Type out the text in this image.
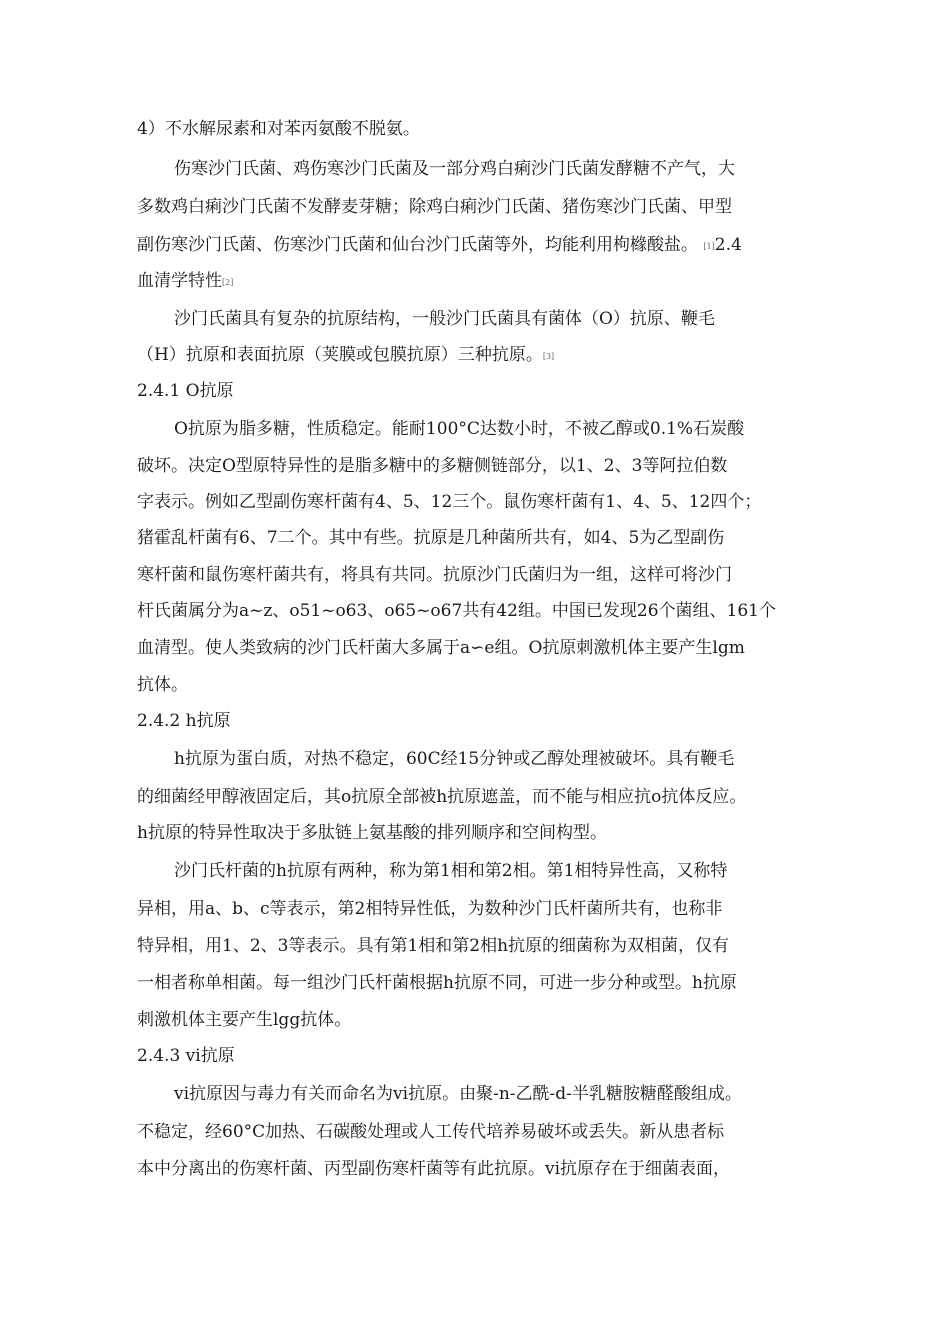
4）不水解尿素和对苯丙氨酸不脱氨。
伤寒沙门氏菌、鸡伤寒沙门氏菌及一部分鸡白痢沙门氏菌发酵糖不产气，大
多数鸡白痢沙门氏菌不发酵麦芽糖；除鸡白痢沙门氏菌、猪伤寒沙门氏菌、甲型
副伤寒沙门氏菌、伤寒沙门氏菌和仙台沙门氏菌等外，均能利用枸橼酸盐。 [1]2.4
血清学特性[2]
沙门氏菌具有复杂的抗原结构，一般沙门氏菌具有菌体（O）抗原、鞭毛
（H）抗原和表面抗原（荚膜或包膜抗原）三种抗原。[3]
2.4.1 O抗原
O抗原为脂多糖，性质稳定。能耐100°C达数小时，不被乙醇或0.1%石炭酸
破坏。决定O型原特异性的是脂多糖中的多糖侧链部分，以1、2、3等阿拉伯数
字表示。例如乙型副伤寒杆菌有4、5、12三个。鼠伤寒杆菌有1、4、5、12四个；
猪霍乱杆菌有6、7二个。其中有些。抗原是几种菌所共有，如4、5为乙型副伤
寒杆菌和鼠伤寒杆菌共有，将具有共同。抗原沙门氏菌归为一组，这样可将沙门
杆氏菌属分为a~z、o51~o63、o65~o67共有42组。中国已发现26个菌组、161个
血清型。使人类致病的沙门氏杆菌大多属于a∽e组。O抗原刺激机体主要产生lgm
抗体。
2.4.2 h抗原
h抗原为蛋白质，对热不稳定，60C经15分钟或乙醇处理被破坏。具有鞭毛
的细菌经甲醇液固定后，其o抗原全部被h抗原遮盖，而不能与相应抗o抗体反应。
h抗原的特异性取决于多肽链上氨基酸的排列顺序和空间构型。
沙门氏杆菌的h抗原有两种，称为第1相和第2相。第1相特异性高，又称特
异相，用a、b、c等表示，第2相特异性低，为数种沙门氏杆菌所共有，也称非
特异相，用1、2、3等表示。具有第1相和第2相h抗原的细菌称为双相菌，仅有
一相者称单相菌。每一组沙门氏杆菌根据h抗原不同，可进一步分种或型。h抗原
刺激机体主要产生lgg抗体。
2.4.3 vi抗原
vi抗原因与毒力有关而命名为vi抗原。由聚-n-乙酰-d-半乳糖胺糖醛酸组成。
不稳定，经60°C加热、石碳酸处理或人工传代培养易破坏或丢失。新从患者标
本中分离出的伤寒杆菌、丙型副伤寒杆菌等有此抗原。vi抗原存在于细菌表面，
